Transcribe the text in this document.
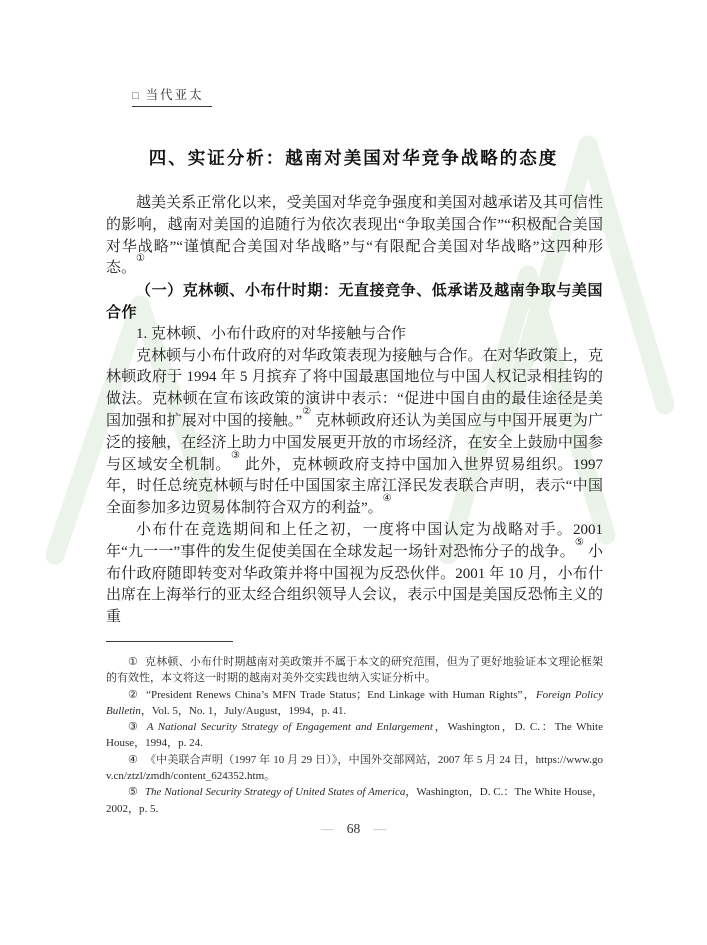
□ 当代亚太
四、实证分析：越南对美国对华竞争战略的态度

越美关系正常化以来，受美国对华竞争强度和美国对越承诺及其可信性的影响，越南对美国的追随行为依次表现出“争取美国合作”“积极配合美国对华战略”“谨慎配合美国对华战略”与“有限配合美国对华战略”这四种形态。①

（一）克林顿、小布什时期：无直接竞争、低承诺及越南争取与美国合作

1. 克林顿、小布什政府的对华接触与合作

克林顿与小布什政府的对华政策表现为接触与合作。在对华政策上，克林顿政府于 1994 年 5 月摈弃了将中国最惠国地位与中国人权记录相挂钩的做法。克林顿在宣布该政策的演讲中表示：“促进中国自由的最佳途径是美国加强和扩展对中国的接触。”② 克林顿政府还认为美国应与中国开展更为广泛的接触，在经济上助力中国发展更开放的市场经济，在安全上鼓励中国参与区域安全机制。③ 此外，克林顿政府支持中国加入世界贸易组织。1997 年，时任总统克林顿与时任中国国家主席江泽民发表联合声明，表示“中国全面参加多边贸易体制符合双方的利益”。④

小布什在竞选期间和上任之初，一度将中国认定为战略对手。2001 年“九一一”事件的发生促使美国在全球发起一场针对恐怖分子的战争。⑤ 小布什政府随即转变对华政策并将中国视为反恐伙伴。2001 年 10 月，小布什出席在上海举行的亚太经合组织领导人会议，表示中国是美国反恐怖主义的重

① 克林顿、小布什时期越南对美政策并不属于本文的研究范围，但为了更好地验证本文理论框架的有效性，本文将这一时期的越南对美外交实践也纳入实证分析中。

② “President Renews China’s MFN Trade Status；End Linkage with Human Rights”，Foreign Policy Bulletin，Vol. 5，No. 1，July/August，1994，p. 41.

③ A National Security Strategy of Engagement and Enlargement，Washington，D. C.：The White House，1994，p. 24.

④ 《中美联合声明（1997 年 10 月 29 日）》，中国外交部网站，2007 年 5 月 24 日，https://www.gov.cn/ztzl/zmdh/content_624352.htm。

⑤ The National Security Strategy of United States of America，Washington，D. C.：The White House，2002，p. 5.

— 68 —
